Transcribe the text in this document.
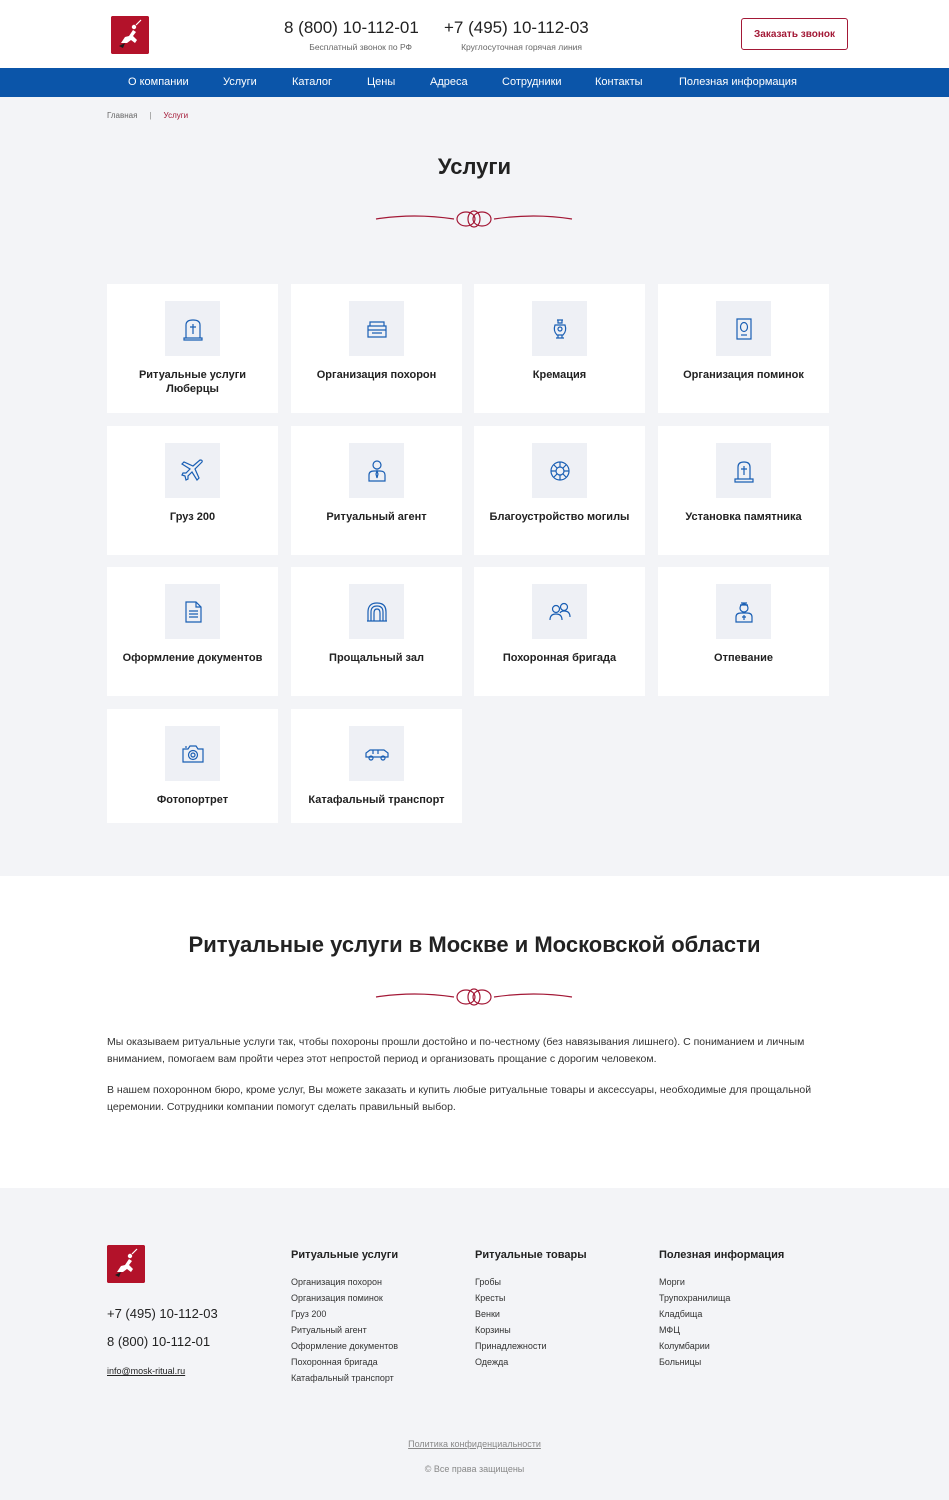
8 (800) 10-112-01
Бесплатный звонок по РФ
+7 (495) 10-112-03
Круглосуточная горячая линия
Заказать звонок
О компании	Услуги	Каталог	Цены	Адреса	Сотрудники	Контакты	Полезная информация
Главная | Услуги
Услуги
Ритуальные услуги Люберцы
Организация похорон	Кремация	Организация поминок
Груз 200	Ритуальный агент	Благоустройство могилы	Установка памятника
Оформление документов	Прощальный зал	Похоронная бригада	Отпевание
Фотопортрет	Катафальный транспорт
Ритуальные услуги в Москве и Московской области

Мы оказываем ритуальные услуги так, чтобы похороны прошли достойно и по-честному (без навязывания лишнего). С пониманием и личным вниманием, помогаем вам пройти через этот непростой период и организовать прощание с дорогим человеком.

В нашем похоронном бюро, кроме услуг, Вы можете заказать и купить любые ритуальные товары и аксессуары, необходимые для прощальной церемонии. Сотрудники компании помогут сделать правильный выбор.

+7 (495) 10-112-03
8 (800) 10-112-01
info@mosk-ritual.ru
Ритуальные услуги
Организация похорон
Организация поминок
Груз 200
Ритуальный агент
Оформление документов
Похоронная бригада
Катафальный транспорт
Ритуальные товары
Гробы
Кресты
Венки
Корзины
Принадлежности
Одежда
Полезная информация
Морги
Трупохранилища
Кладбища
МФЦ
Колумбарии
Больницы
Политика конфиденциальности
© Все права защищены
